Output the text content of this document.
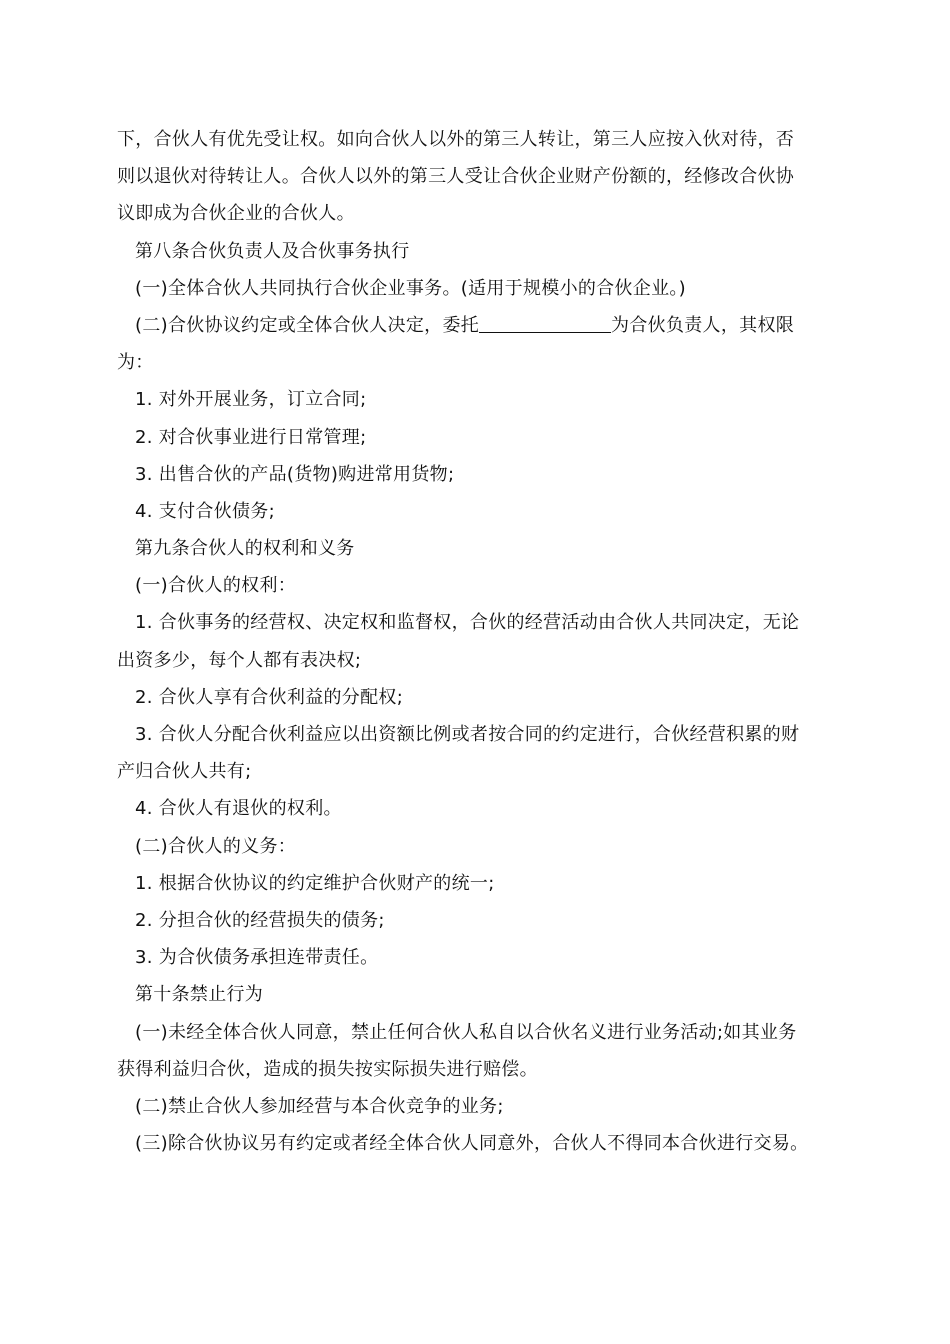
下，合伙人有优先受让权。如向合伙人以外的第三人转让，第三人应按入伙对待，否
则以退伙对待转让人。合伙人以外的第三人受让合伙企业财产份额的，经修改合伙协
议即成为合伙企业的合伙人。
第八条合伙负责人及合伙事务执行
(一)全体合伙人共同执行合伙企业事务。(适用于规模小的合伙企业。)
(二)合伙协议约定或全体合伙人决定，委托	为合伙负责人，其权限
为：
1. 对外开展业务，订立合同;
2. 对合伙事业进行日常管理;
3. 出售合伙的产品(货物)购进常用货物;
4. 支付合伙债务;
第九条合伙人的权利和义务
(一)合伙人的权利：
1. 合伙事务的经营权、决定权和监督权，合伙的经营活动由合伙人共同决定，无论
出资多少，每个人都有表决权;
2. 合伙人享有合伙利益的分配权;
3. 合伙人分配合伙利益应以出资额比例或者按合同的约定进行，合伙经营积累的财
产归合伙人共有;
4. 合伙人有退伙的权利。
(二)合伙人的义务：
1. 根据合伙协议的约定维护合伙财产的统一;
2. 分担合伙的经营损失的债务;
3. 为合伙债务承担连带责任。
第十条禁止行为
(一)未经全体合伙人同意，禁止任何合伙人私自以合伙名义进行业务活动;如其业务
获得利益归合伙，造成的损失按实际损失进行赔偿。
(二)禁止合伙人参加经营与本合伙竞争的业务;
(三)除合伙协议另有约定或者经全体合伙人同意外，合伙人不得同本合伙进行交易。
